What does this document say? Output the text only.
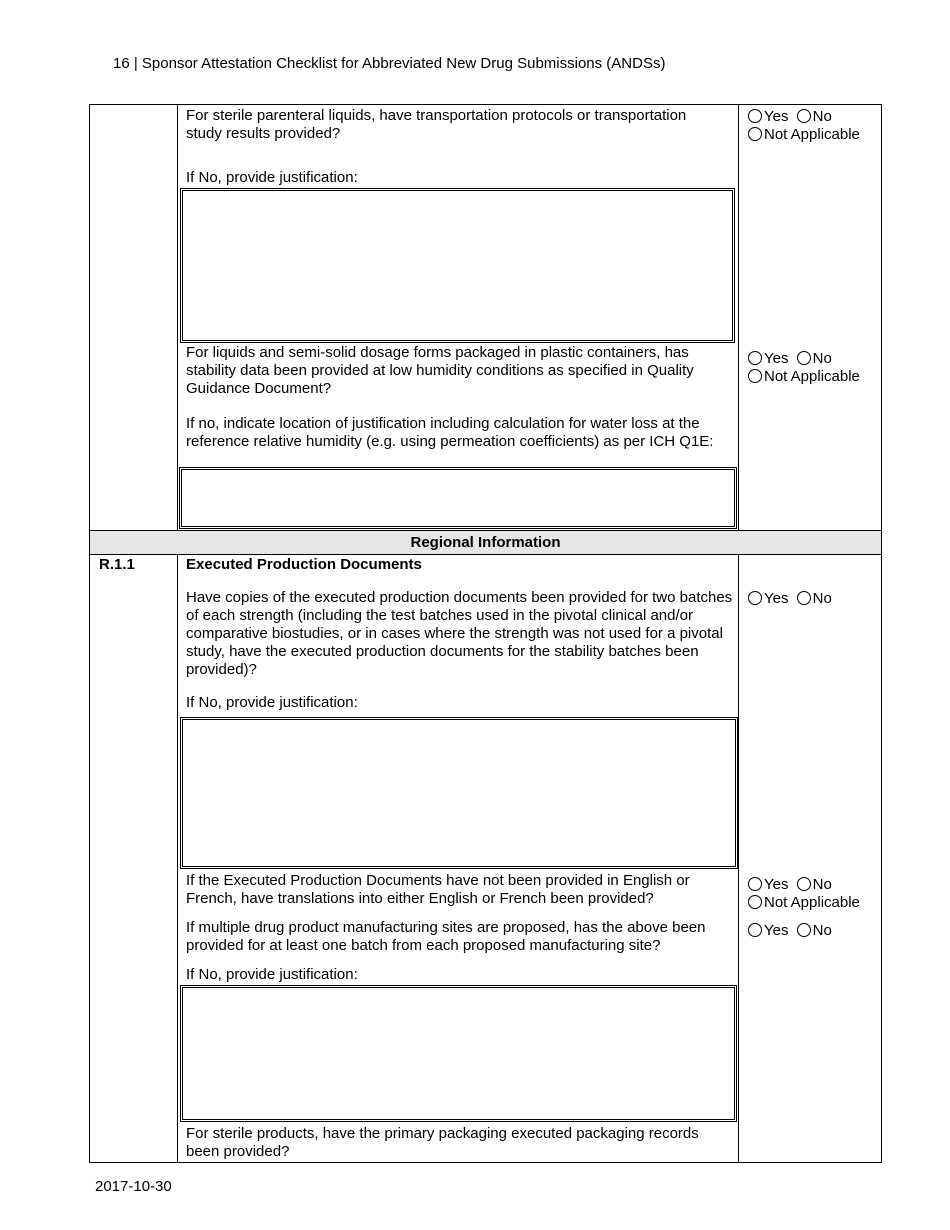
16 | Sponsor Attestation Checklist for Abbreviated New Drug Submissions (ANDSs)
Regional Information
For sterile parenteral liquids, have transportation protocols or transportation study results provided?
If No, provide justification:
Yes No
Not Applicable
For liquids and semi-solid dosage forms packaged in plastic containers, has stability data been provided at low humidity conditions as specified in Quality Guidance Document?
If no, indicate location of justification including calculation for water loss at the reference relative humidity (e.g. using permeation coefficients) as per ICH Q1E:
Yes No
Not Applicable
R.1.1	Executed Production Documents
Have copies of the executed production documents been provided for two batches of each strength (including the test batches used in the pivotal clinical and/or comparative biostudies, or in cases where the strength was not used for a pivotal study, have the executed production documents for the stability batches been provided)?
Yes No
If No, provide justification:
If the Executed Production Documents have not been provided in English or French, have translations into either English or French been provided?
Yes No
Not Applicable
If multiple drug product manufacturing sites are proposed, has the above been provided for at least one batch from each proposed manufacturing site?
Yes No
If No, provide justification:
For sterile products, have the primary packaging executed packaging records been provided?
2017-10-30
